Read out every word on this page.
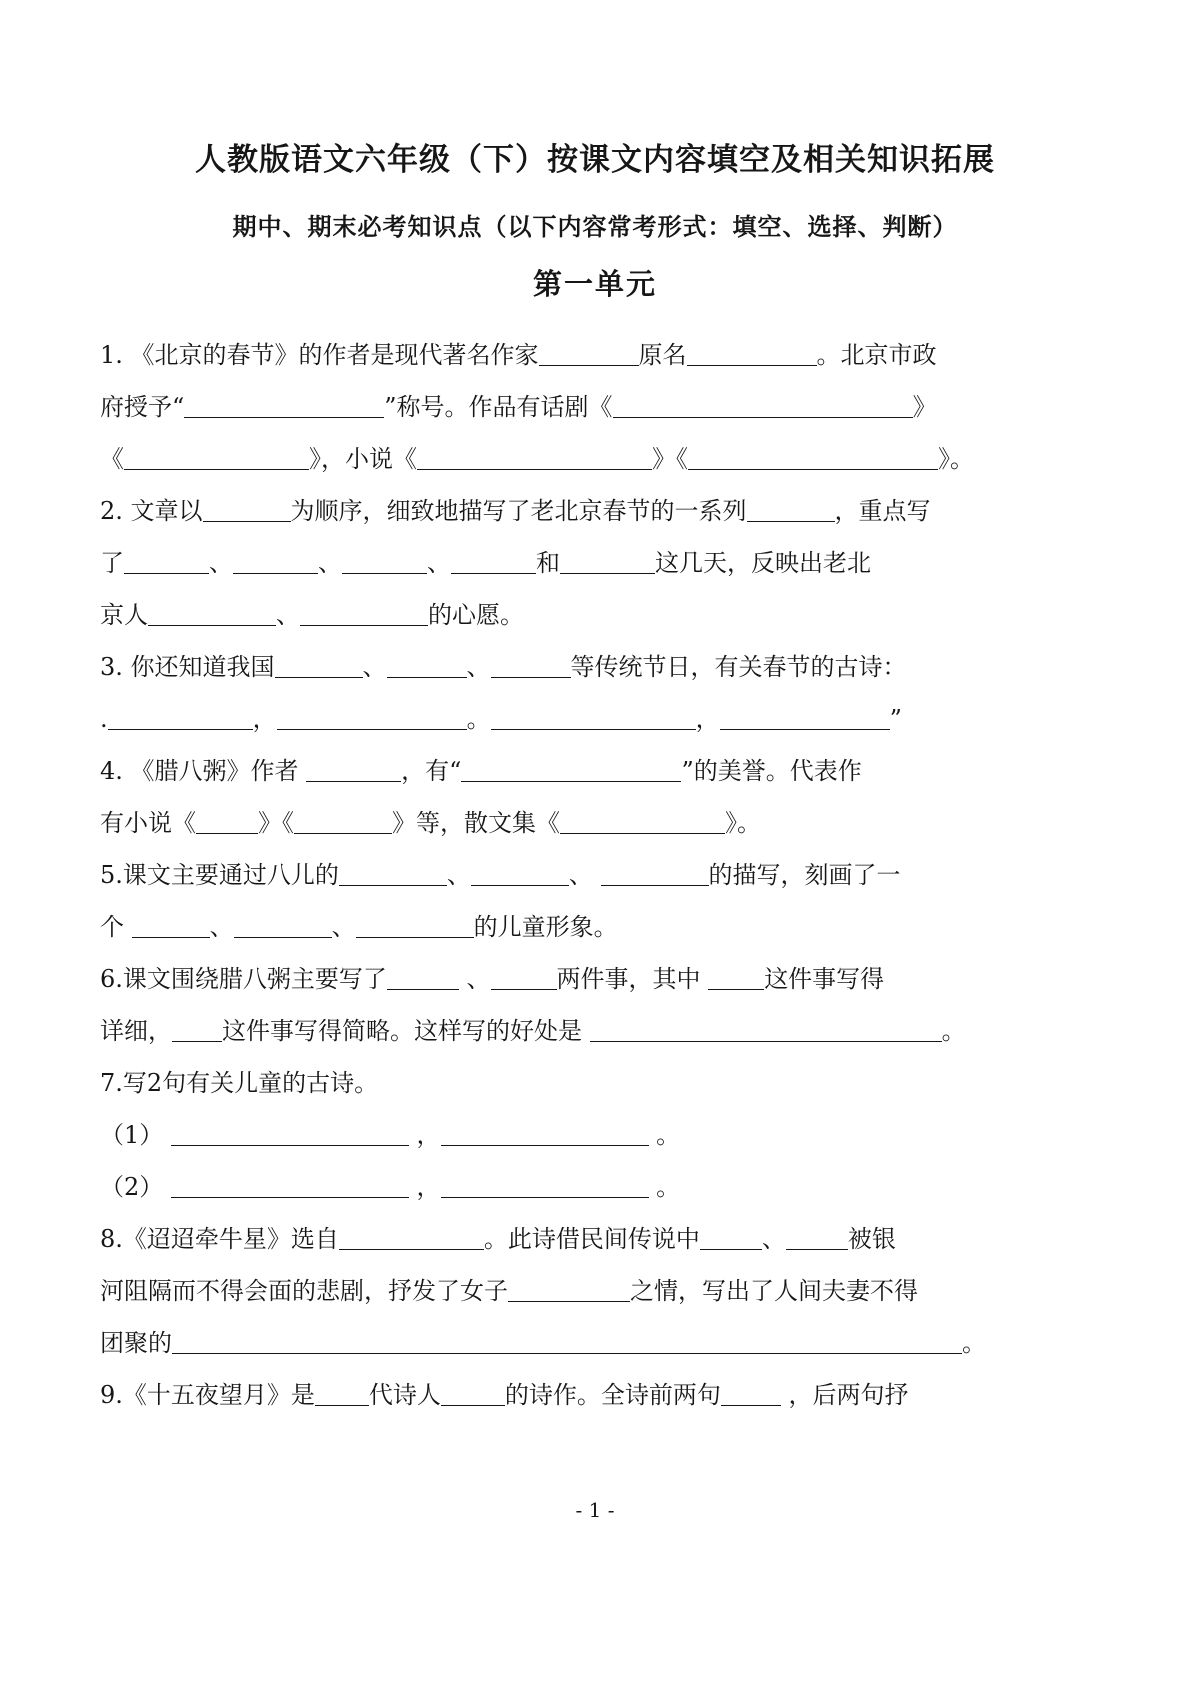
人教版语文六年级（下）按课文内容填空及相关知识拓展
期中、期末必考知识点（以下内容常考形式：填空、选择、判断）
第一单元
1. 《北京的春节》的作者是现代著名作家	原名	。北京市政
府授予“	”称号。作品有话剧《	》
《	》，小说《	》《	》。
2. 文章以	为顺序，细致地描写了老北京春节的一系列	，重点写
了	、	、	、	和	这几天，反映出老北
京人	、	的心愿。
3. 你还知道我国	、	、	等传统节日，有关春节的古诗：
.	，	。	，	”
4. 《腊八粥》作者	，有“	”的美誉。代表作
有小说《	》《	》等，散文集《	》。
5.课文主要通过八儿的	、	、	的描写，刻画了一
个	、	、	的儿童形象。
6.课文围绕腊八粥主要写了	、	两件事，其中 这件事写得
详细， 这件事写得简略。这样写的好处是	。
7.写2句有关儿童的古诗。
（1）	，	。
（2）	，	。
8.《迢迢牵牛星》选自	。此诗借民间传说中	、	被银
河阻隔而不得会面的悲剧，抒发了女子	之情，写出了人间夫妻不得
团聚的	。
9.《十五夜望月》是 代诗人	的诗作。全诗前两句	，后两句抒
- 1 -
